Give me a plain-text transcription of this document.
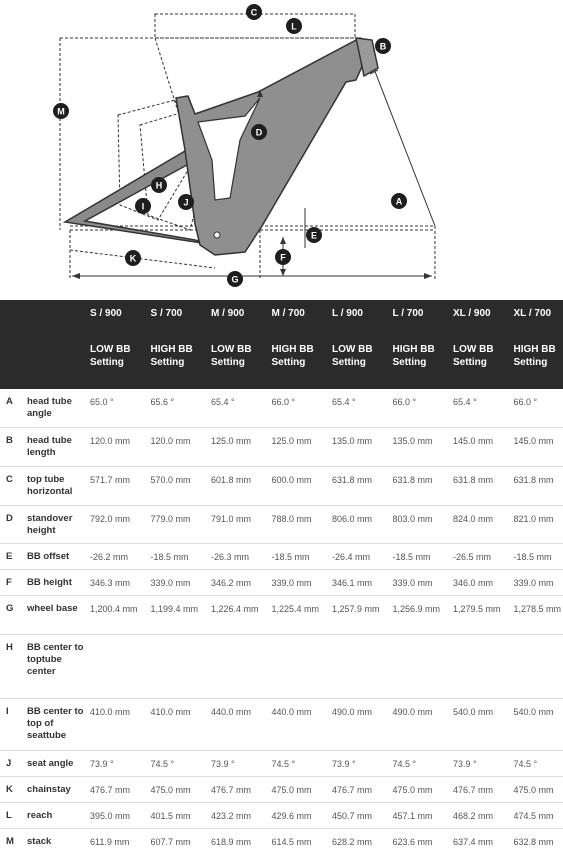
A
B
C
D
E
F
G
H
I	J
K
L
M
		S / 900	S / 700	M / 900	M / 700	L / 900	L / 700	XL / 900	XL / 700
		LOW BB Setting	HIGH BB Setting	LOW BB Setting	HIGH BB Setting	LOW BB Setting	HIGH BB Setting	LOW BB Setting	HIGH BB Setting
A	head tube angle	65.0 °	65.6 °	65.4 °	66.0 °	65.4 °	66.0 °	65.4 °	66.0 °
B	head tube length	120.0 mm	120.0 mm	125.0 mm	125.0 mm	135.0 mm	135.0 mm	145.0 mm	145.0 mm
C	top tube horizontal	571.7 mm	570.0 mm	601.8 mm	600.0 mm	631.8 mm	631.8 mm	631.8 mm	631.8 mm
D	standover height	792.0 mm	779.0 mm	791.0 mm	788.0 mm	806.0 mm	803.0 mm	824.0 mm	821.0 mm
E	BB offset	-26.2 mm	-18.5 mm	-26.3 mm	-18.5 mm	-26.4 mm	-18.5 mm	-26.5 mm	-18.5 mm
F	BB height	346.3 mm	339.0 mm	346.2 mm	339.0 mm	346.1 mm	339.0 mm	346.0 mm	339.0 mm
G	wheel base	1,200.4 mm	1,199.4 mm	1,226.4 mm	1,225.4 mm	1,257.9 mm	1,256.9 mm	1,279.5 mm	1,278.5 mm
H	BB center to toptube center								
I	BB center to top of seattube	410.0 mm	410.0 mm	440.0 mm	440.0 mm	490.0 mm	490.0 mm	540.0 mm	540.0 mm
J	seat angle	73.9 °	74.5 °	73.9 °	74.5 °	73.9 °	74.5 °	73.9 °	74.5 °
K	chainstay	476.7 mm	475.0 mm	476.7 mm	475.0 mm	476.7 mm	475.0 mm	476.7 mm	475.0 mm
L	reach	395.0 mm	401.5 mm	423.2 mm	429.6 mm	450.7 mm	457.1 mm	468.2 mm	474.5 mm
M	stack	611.9 mm	607.7 mm	618.9 mm	614.5 mm	628.2 mm	623.6 mm	637.4 mm	632.8 mm
